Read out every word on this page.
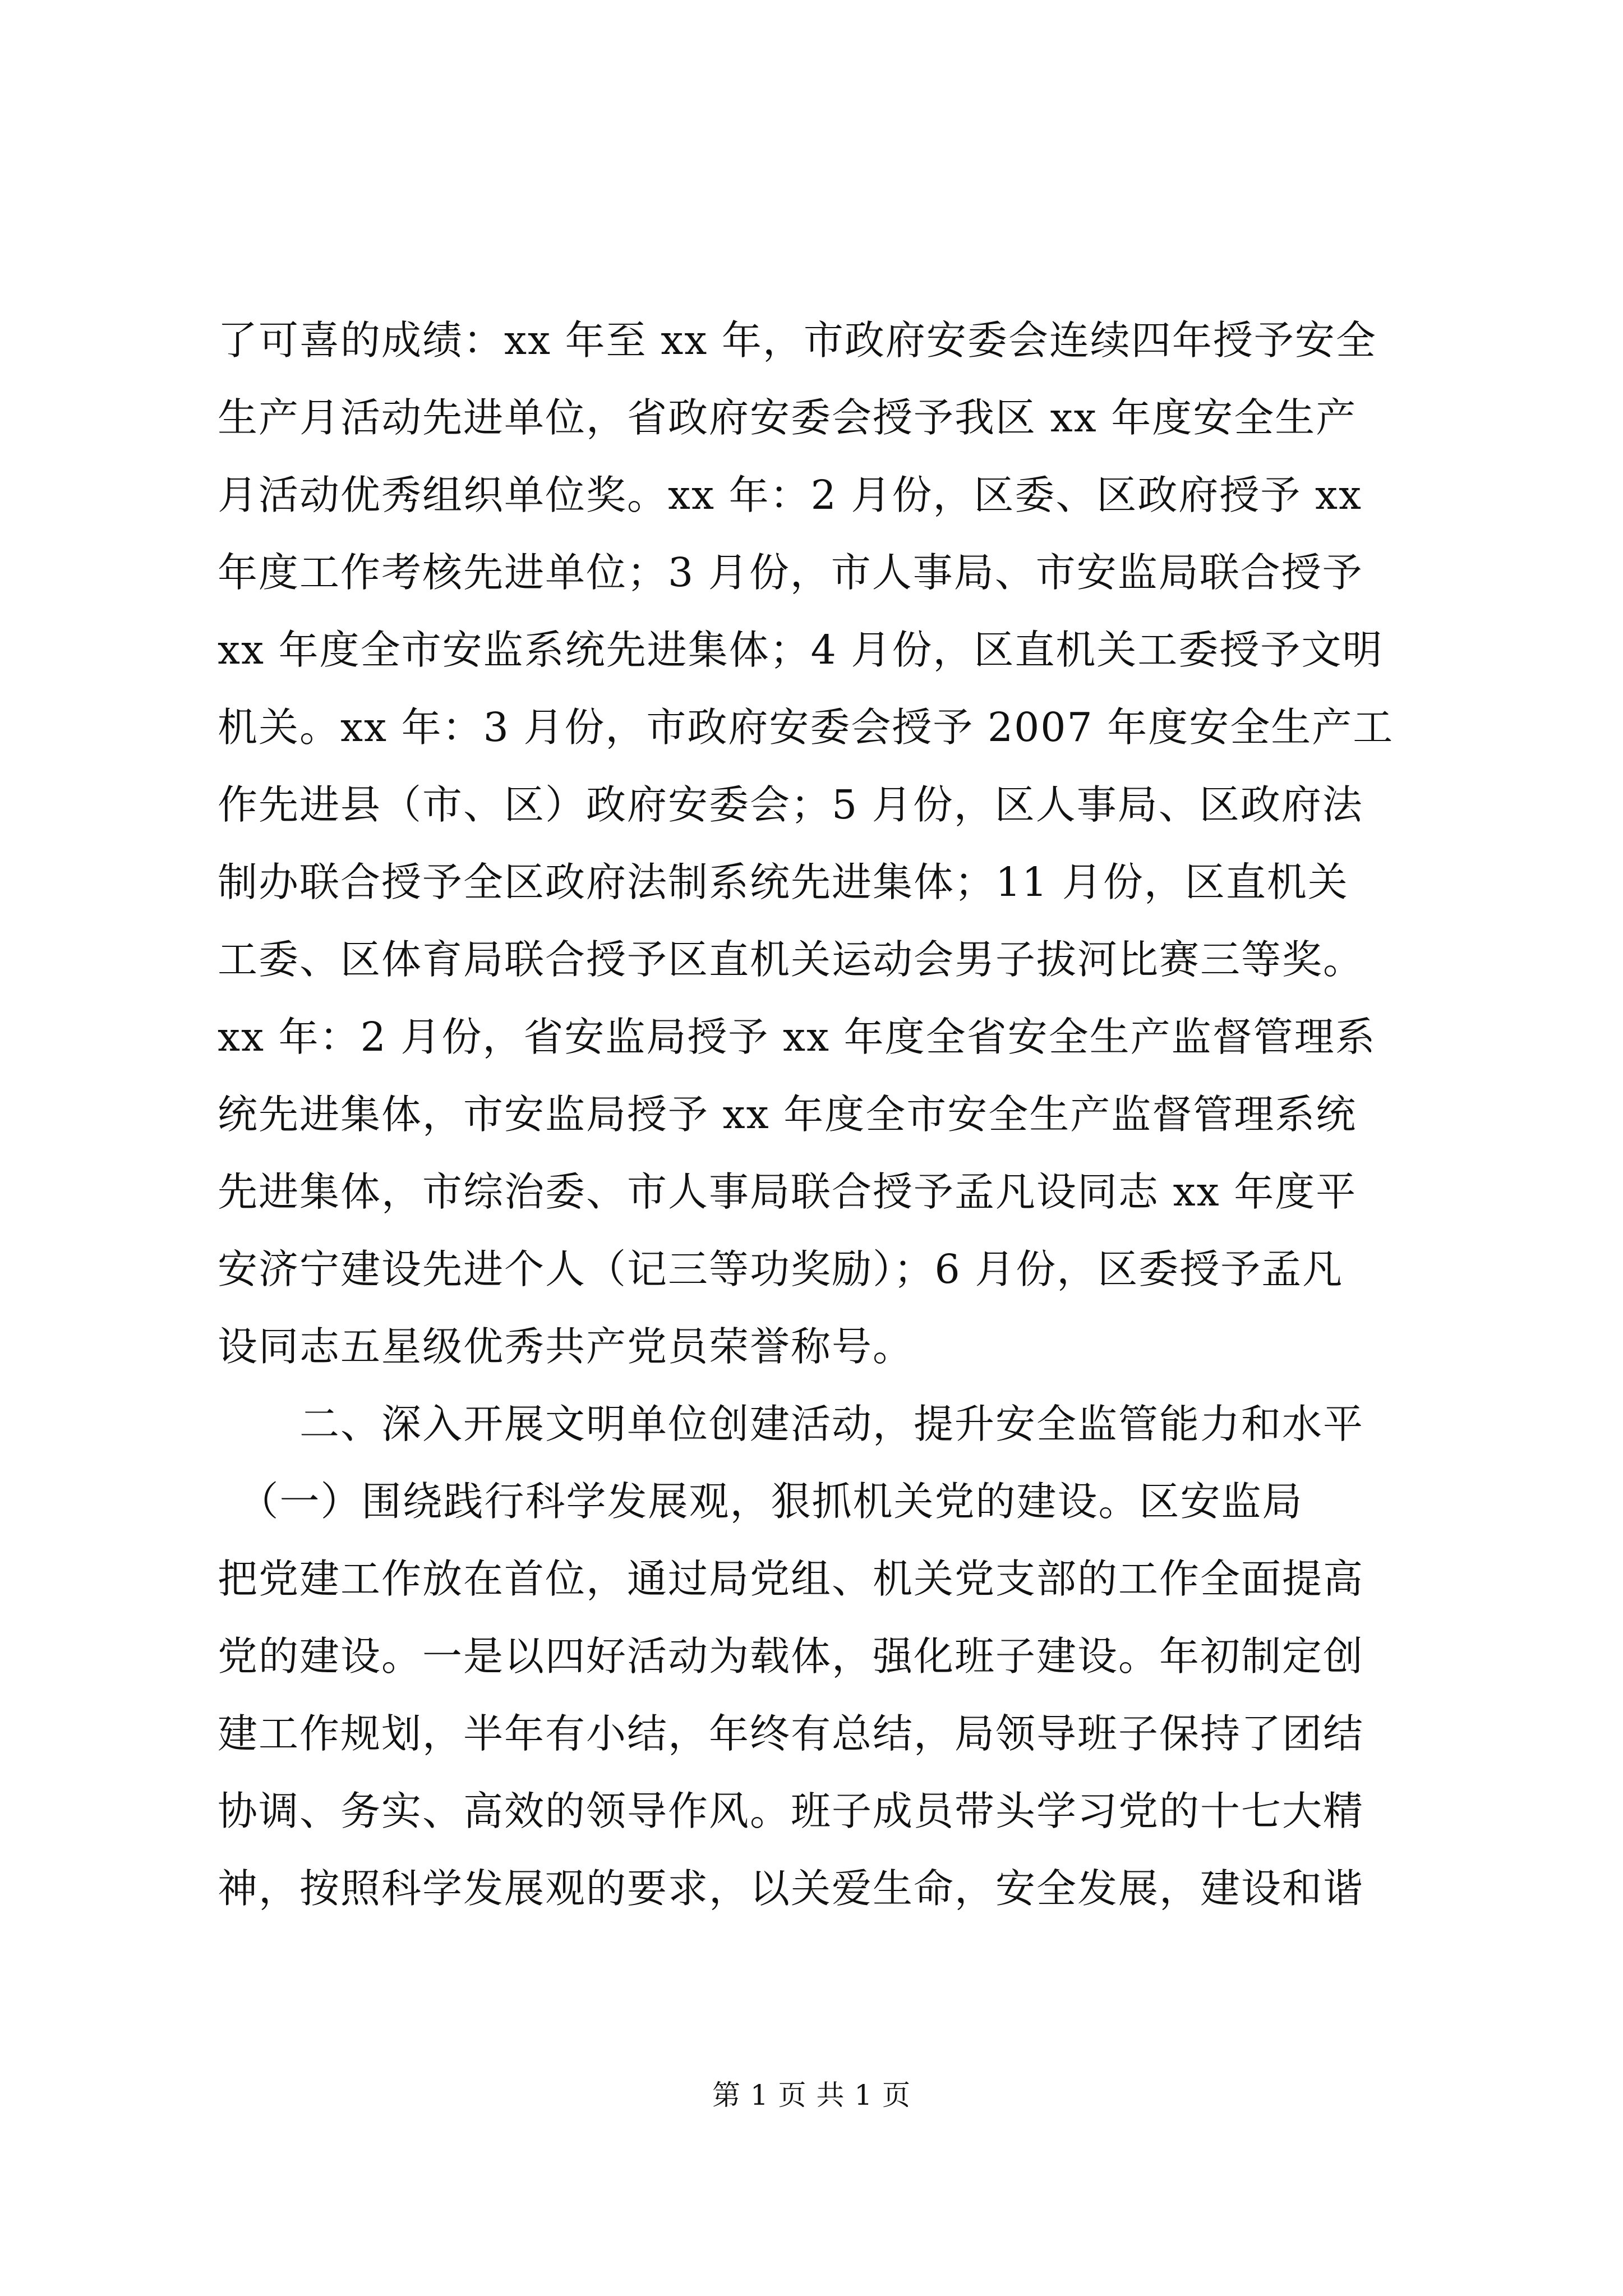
了可喜的成绩：xx 年至 xx 年，市政府安委会连续四年授予安全
生产月活动先进单位，省政府安委会授予我区 xx 年度安全生产
月活动优秀组织单位奖。xx 年：2 月份，区委、区政府授予 xx
年度工作考核先进单位；3 月份，市人事局、市安监局联合授予
xx 年度全市安监系统先进集体；4 月份，区直机关工委授予文明
机关。xx 年：3 月份，市政府安委会授予 2007 年度安全生产工
作先进县（市、区）政府安委会；5 月份，区人事局、区政府法
制办联合授予全区政府法制系统先进集体；11 月份，区直机关
工委、区体育局联合授予区直机关运动会男子拔河比赛三等奖。
xx 年：2 月份，省安监局授予 xx 年度全省安全生产监督管理系
统先进集体，市安监局授予 xx 年度全市安全生产监督管理系统
先进集体，市综治委、市人事局联合授予孟凡设同志 xx 年度平
安济宁建设先进个人（记三等功奖励）；6 月份，区委授予孟凡
设同志五星级优秀共产党员荣誉称号。
　　二、深入开展文明单位创建活动，提升安全监管能力和水平
　（一）围绕践行科学发展观，狠抓机关党的建设。区安监局
把党建工作放在首位，通过局党组、机关党支部的工作全面提高
党的建设。一是以四好活动为载体，强化班子建设。年初制定创
建工作规划，半年有小结，年终有总结，局领导班子保持了团结
协调、务实、高效的领导作风。班子成员带头学习党的十七大精
神，按照科学发展观的要求，以关爱生命，安全发展，建设和谐
第 1 页 共 1 页
